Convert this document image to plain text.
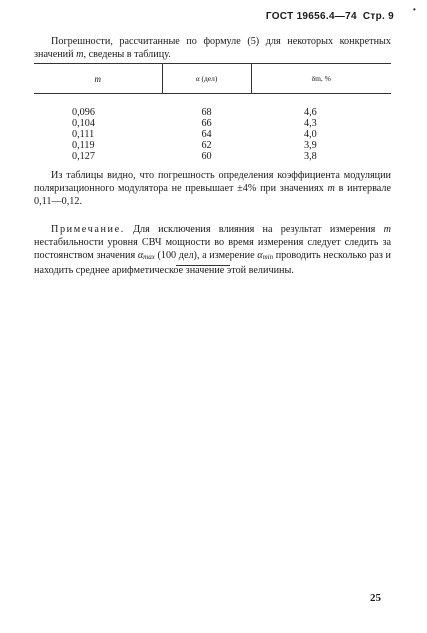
•
ГОСТ 19656.4—74 Стр. 9

Погрешности, рассчитанные по формуле (5) для некоторых конкретных значений m, сведены в таблицу.

m	α (дел)	δm, %
0,096	68	4,6
0,104	66	4,3
0,111	64	4,0
0,119	62	3,9
0,127	60	3,8

Из таблицы видно, что погрешность определения коэффициента модуляции поляризационного модулятора не превышает ±4% при значениях m в интервале 0,11—0,12.

Примечание. Для исключения влияния на результат измерения m нестабильности уровня СВЧ мощности во время измерения следует следить за постоянством значения αmax (100 дел), а измерение αmin проводить несколько раз и находить среднее арифметическое значение этой величины.

25
